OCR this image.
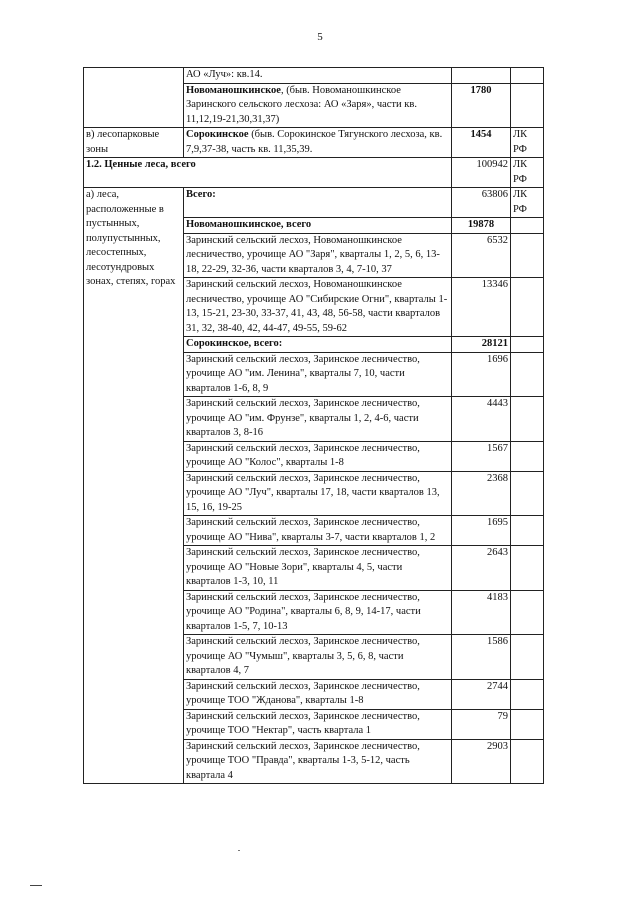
5
	АО «Луч»: кв.14.		
	Новоманошкинское, (быв. Новоманошкинское Заринского сельского лесхоза: АО «Заря», части кв. 11,12,19-21,30,31,37)	1780	
в) лесопарковые зоны	Сорокинское (быв. Сорокинское Тягунского лесхоза, кв. 7,9,37-38, часть кв. 11,35,39.	1454	ЛК РФ
1.2. Ценные леса, всего		100942	ЛК РФ
а) леса, расположенные в пустынных, полупустынных, лесостепных, лесотундровых зонах, степях, горах	Всего:	63806	ЛК РФ
	Новоманошкинское, всего	19878	
	Заринский сельский лесхоз, Новоманошкинское лесничество, урочище АО "Заря", кварталы 1, 2, 5, 6, 13-18, 22-29, 32-36, части кварталов 3, 4, 7-10, 37	6532	
	Заринский сельский лесхоз, Новоманошкинское лесничество, урочище АО "Сибирские Огни", кварталы 1-13, 15-21, 23-30, 33-37, 41, 43, 48, 56-58, части кварталов 31, 32, 38-40, 42, 44-47, 49-55, 59-62	13346	
	Сорокинское, всего:	28121	
	Заринский сельский лесхоз, Заринское лесничество, урочище АО "им. Ленина", кварталы 7, 10, части кварталов 1-6, 8, 9	1696	
	Заринский сельский лесхоз, Заринское лесничество, урочище АО "им. Фрунзе", кварталы 1, 2, 4-6, части кварталов 3, 8-16	4443	
	Заринский сельский лесхоз, Заринское лесничество, урочище АО "Колос", кварталы 1-8	1567	
	Заринский сельский лесхоз, Заринское лесничество, урочище АО "Луч", кварталы 17, 18, части кварталов 13, 15, 16, 19-25	2368	
	Заринский сельский лесхоз, Заринское лесничество, урочище АО "Нива", кварталы 3-7, части кварталов 1, 2	1695	
	Заринский сельский лесхоз, Заринское лесничество, урочище АО "Новые Зори", кварталы 4, 5, части кварталов 1-3, 10, 11	2643	
	Заринский сельский лесхоз, Заринское лесничество, урочище АО "Родина", кварталы 6, 8, 9, 14-17, части кварталов 1-5, 7, 10-13	4183	
	Заринский сельский лесхоз, Заринское лесничество, урочище АО "Чумыш", кварталы 3, 5, 6, 8, части кварталов 4, 7	1586	
	Заринский сельский лесхоз, Заринское лесничество, урочище ТОО "Жданова", кварталы 1-8	2744	
	Заринский сельский лесхоз, Заринское лесничество, урочище ТОО "Нектар", часть квартала 1	79	
	Заринский сельский лесхоз, Заринское лесничество, урочище ТОО "Правда", кварталы 1-3, 5-12, часть квартала 4	2903	
